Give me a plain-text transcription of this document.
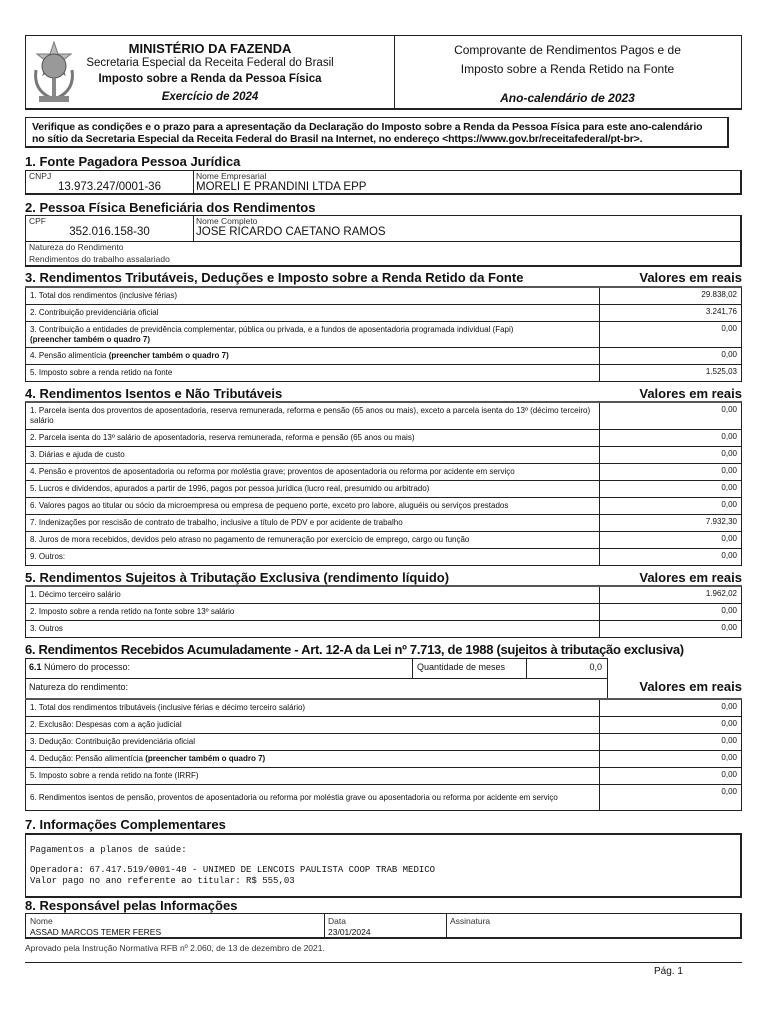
MINISTÉRIO DA FAZENDA
Secretaria Especial da Receita Federal do Brasil
Imposto sobre a Renda da Pessoa Física
Exercício de 2024
Comprovante de Rendimentos Pagos e de
Imposto sobre a Renda Retido na Fonte
Ano-calendário de 2023
Verifique as condições e o prazo para a apresentação da Declaração do Imposto sobre a Renda da Pessoa Física para este ano-calendário
no sítio da Secretaria Especial da Receita Federal do Brasil na Internet, no endereço <https://www.gov.br/receitafederal/pt-br>.
1. Fonte Pagadora Pessoa Jurídica
CNPJ
13.973.247/0001-36
Nome Empresarial
MORELI E PRANDINI LTDA EPP
2. Pessoa Física Beneficiária dos Rendimentos
CPF
352.016.158-30
Nome Completo
JOSE RICARDO CAETANO RAMOS
Natureza do Rendimento
Rendimentos do trabalho assalariado
3. Rendimentos Tributáveis, Deduções e Imposto sobre a Renda Retido da Fonte	Valores em reais
1. Total dos rendimentos (inclusive férias)	29.838,02
2. Contribuição previdenciária oficial	3.241,76
3. Contribuição a entidades de previdência complementar, pública ou privada, e a fundos de aposentadoria programada individual (Fapi)
(preencher também o quadro 7)
0,00
4. Pensão alimentícia (preencher também o quadro 7)	0,00
5. Imposto sobre a renda retido na fonte	1.525,03
4. Rendimentos Isentos e Não Tributáveis	Valores em reais
1. Parcela isenta dos proventos de aposentadoria, reserva remunerada, reforma e pensão (65 anos ou mais), exceto a parcela isenta do 13º (décimo terceiro) salário
0,00
2. Parcela isenta do 13º salário de aposentadoria, reserva remunerada, reforma e pensão (65 anos ou mais)	0,00
3. Diárias e ajuda de custo	0,00
4. Pensão e proventos de aposentadoria ou reforma por moléstia grave; proventos de aposentadoria ou reforma por acidente em serviço	0,00
5. Lucros e dividendos, apurados a partir de 1996, pagos por pessoa jurídica (lucro real, presumido ou arbitrado)	0,00
6. Valores pagos ao titular ou sócio da microempresa ou empresa de pequeno porte, exceto pro labore, aluguéis ou serviços prestados	0,00
7. Indenizações por rescisão de contrato de trabalho, inclusive a título de PDV e por acidente de trabalho	7.932,30
8. Juros de mora recebidos, devidos pelo atraso no pagamento de remuneração por exercício de emprego, cargo ou função	0,00
9. Outros:	0,00
5. Rendimentos Sujeitos à Tributação Exclusiva (rendimento líquido)	Valores em reais
1. Décimo terceiro salário	1.962,02
2. Imposto sobre a renda retido na fonte sobre 13º salário	0,00
3. Outros	0,00
6. Rendimentos Recebidos Acumuladamente - Art. 12-A da Lei nº 7.713, de 1988 (sujeitos à tributação exclusiva)
6.1 Número do processo:	Quantidade de meses	0,0
Natureza do rendimento:	Valores em reais
1. Total dos rendimentos tributáveis (inclusive férias e décimo terceiro salário)	0,00
2. Exclusão: Despesas com a ação judicial	0,00
3. Dedução: Contribuição previdenciária oficial	0,00
4. Dedução: Pensão alimentícia (preencher também o quadro 7)	0,00
5. Imposto sobre a renda retido na fonte (IRRF)	0,00
6. Rendimentos isentos de pensão, proventos de aposentadoria ou reforma por moléstia grave ou aposentadoria ou reforma por acidente em serviço
0,00
7. Informações Complementares
Pagamentos a planos de saúde:
Operadora: 67.417.519/0001-40 - UNIMED DE LENCOIS PAULISTA COOP TRAB MEDICO
Valor pago no ano referente ao titular: R$ 555,03
8. Responsável pelas Informações
Nome
ASSAD MARCOS TEMER FERES
Data
23/01/2024
Assinatura
Aprovado pela Instrução Normativa RFB nº 2.060, de 13 de dezembro de 2021.
Pág. 1
